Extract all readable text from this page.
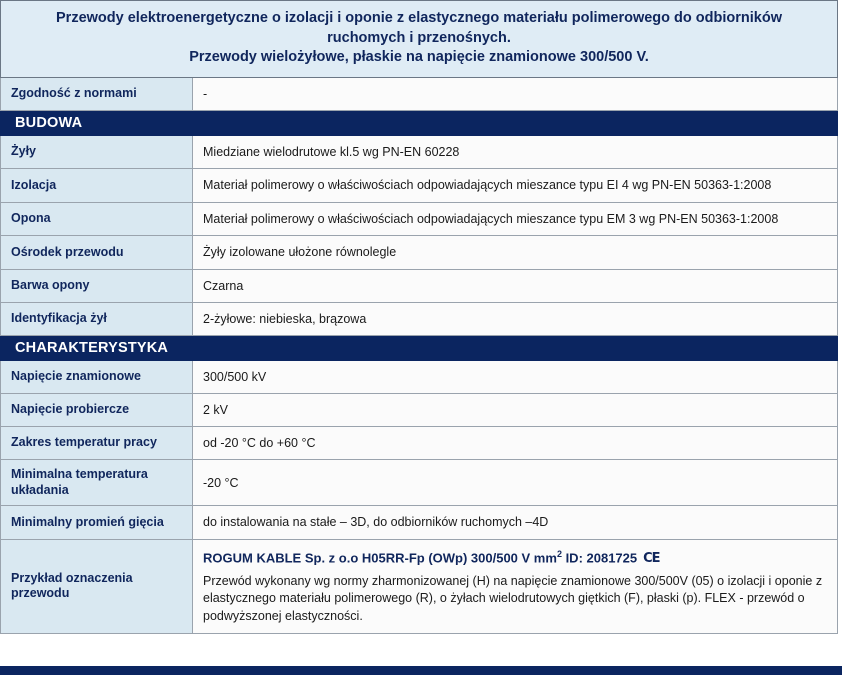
Przewody elektroenergetyczne o izolacji i oponie z elastycznego materiału polimerowego do odbiorników
ruchomych i przenośnych.
Przewody wielożyłowe, płaskie na napięcie znamionowe 300/500 V.	

Zgodność z normami	-
BUDOWA	
Żyły	Miedziane wielodrutowe kl.5 wg PN-EN 60228
Izolacja	Materiał polimerowy o właściwościach odpowiadających mieszance typu EI 4 wg PN-EN 50363-1:2008
Opona	Materiał polimerowy o właściwościach odpowiadających mieszance typu EM 3 wg PN-EN 50363-1:2008
Ośrodek przewodu	Żyły izolowane ułożone równolegle
Barwa opony	Czarna
Identyfikacja żył	2-żyłowe: niebieska, brązowa
CHARAKTERYSTYKA	
Napięcie znamionowe	300/500 kV
Napięcie probiercze	2 kV
Zakres temperatur pracy	od -20 °C do +60 °C
Minimalna temperatura układania	-20 °C
Minimalny promień gięcia	do instalowania na stałe – 3D, do odbiorników ruchomych –4D
Przykład oznaczenia przewodu	ROGUM KABLE Sp. z o.o H05RR-Fp (OWp) 300/500 V $mm^2$ ID: 2081725 CE
Przewód wykonany wg normy zharmonizowanej (H) na napięcie znamionowe 300/500V (05) o izolacji i oponie z elastycznego materiału polimerowego (R), o żyłach wielodrutowych giętkich (F), płaski (p). FLEX - przewód o podwyższonej elastyczności.
